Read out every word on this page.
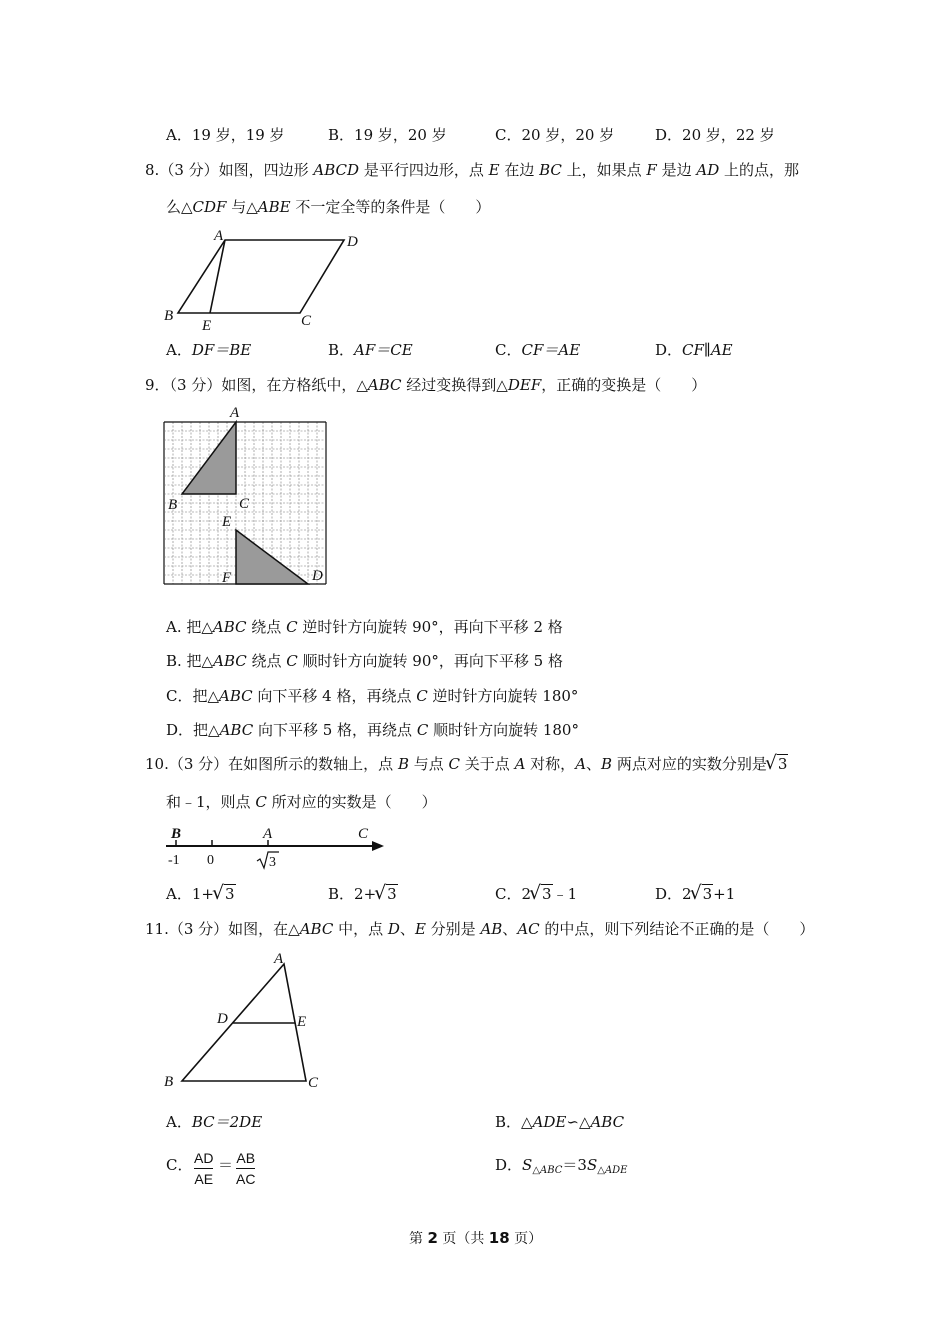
A．19 岁，19 岁	B．19 岁，20 岁	C．20 岁，20 岁	D．20 岁，22 岁
8.（3 分）如图，四边形 ABCD 是平行四边形，点 E 在边 BC 上，如果点 F 是边 AD 上的点，那
么△CDF 与△ABE 不一定全等的条件是（　　）
A	D
B
E	C
A．DF＝BE	B．AF＝CE	C．CF＝AE	D．CF∥AE
9．（3 分）如图，在方格纸中，△ABC 经过变换得到△DEF，正确的变换是（　　）
A
B	C
E
F	D
A. 把△ABC 绕点 C 逆时针方向旋转 90°，再向下平移 2 格
B. 把△ABC 绕点 C 顺时针方向旋转 90°，再向下平移 5 格
C．把△ABC 向下平移 4 格，再绕点 C 逆时针方向旋转 180°
D．把△ABC 向下平移 5 格，再绕点 C 顺时针方向旋转 180°
10.（3 分）在如图所示的数轴上，点 B 与点 C 关于点 A 对称，A、B 两点对应的实数分别是 √ 3
和﹣1，则点 C 所对应的实数是（　　）
B	A	C
-1 0	3
A．1+ √ 3	B．2+ √ 3	C．2 √ 3﹣1	D．2 √ 3+1
11.（3 分）如图，在△ABC 中，点 D、E 分别是 AB、AC 的中点，则下列结论不正确的是（　　）
A
D	E
B	C
A．BC＝2DE	B．△ADE∽△ABC
C． AD
AE
＝ AB
AC
D．$S_{\triangle ABC}=3S_{\triangle ADE}$
第 2 页（共 18 页）
